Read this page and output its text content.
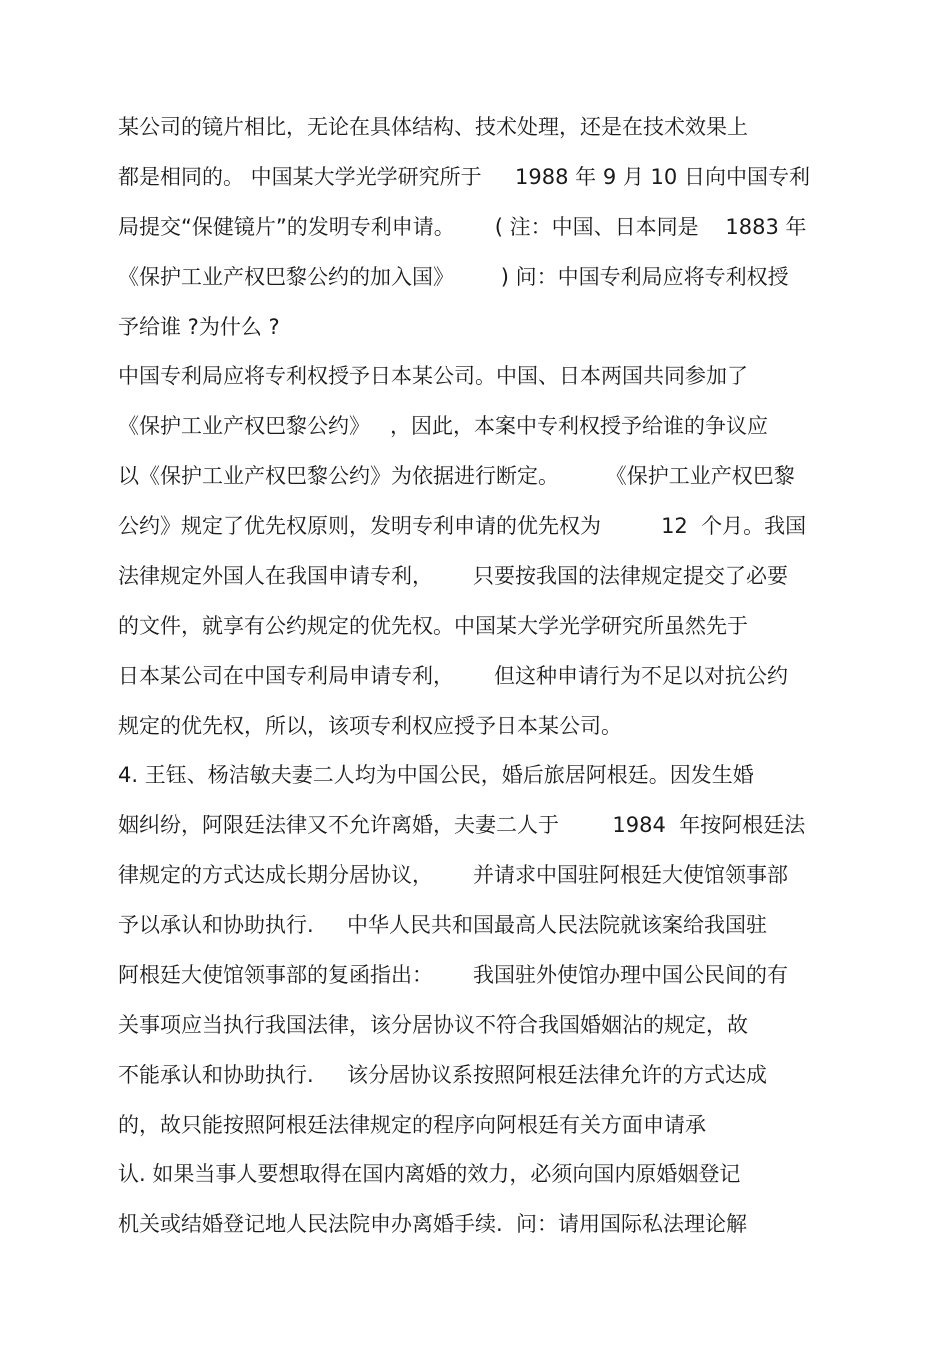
某公司的镜片相比，无论在具体结构、技术处理，还是在技术效果上
都是相同的。 中国某大学光学研究所于     1988 年 9 月 10 日向中国专利
局提交“保健镜片”的发明专利申请。      ( 注：中国、日本同是    1883 年
《保护工业产权巴黎公约的加入国》       ) 问：中国专利局应将专利权授
予给谁 ?为什么 ?
中国专利局应将专利权授予日本某公司。中国、日本两国共同参加了
《保护工业产权巴黎公约》   ，因此，本案中专利权授予给谁的争议应
以《保护工业产权巴黎公约》为依据进行断定。       《保护工业产权巴黎
公约》规定了优先权原则，发明专利申请的优先权为         12  个月。我国
法律规定外国人在我国申请专利，      只要按我国的法律规定提交了必要
的文件，就享有公约规定的优先权。中国某大学光学研究所虽然先于
日本某公司在中国专利局申请专利，      但这种申请行为不足以对抗公约
规定的优先权，所以，该项专利权应授予日本某公司。
4. 王钰、杨洁敏夫妻二人均为中国公民，婚后旅居阿根廷。因发生婚
姻纠纷，阿限廷法律又不允许离婚，夫妻二人于        1984  年按阿根廷法
律规定的方式达成长期分居协议，      并请求中国驻阿根廷大使馆领事部
予以承认和协助执行.     中华人民共和国最高人民法院就该案给我国驻
阿根廷大使馆领事部的复函指出：      我国驻外使馆办理中国公民间的有
关事项应当执行我国法律，该分居协议不符合我国婚姻沾的规定，故
不能承认和协助执行.     该分居协议系按照阿根廷法律允许的方式达成
的，故只能按照阿根廷法律规定的程序向阿根廷有关方面申请承
认. 如果当事人要想取得在国内离婚的效力，必须向国内原婚姻登记
机关或结婚登记地人民法院申办离婚手续.  问：请用国际私法理论解
